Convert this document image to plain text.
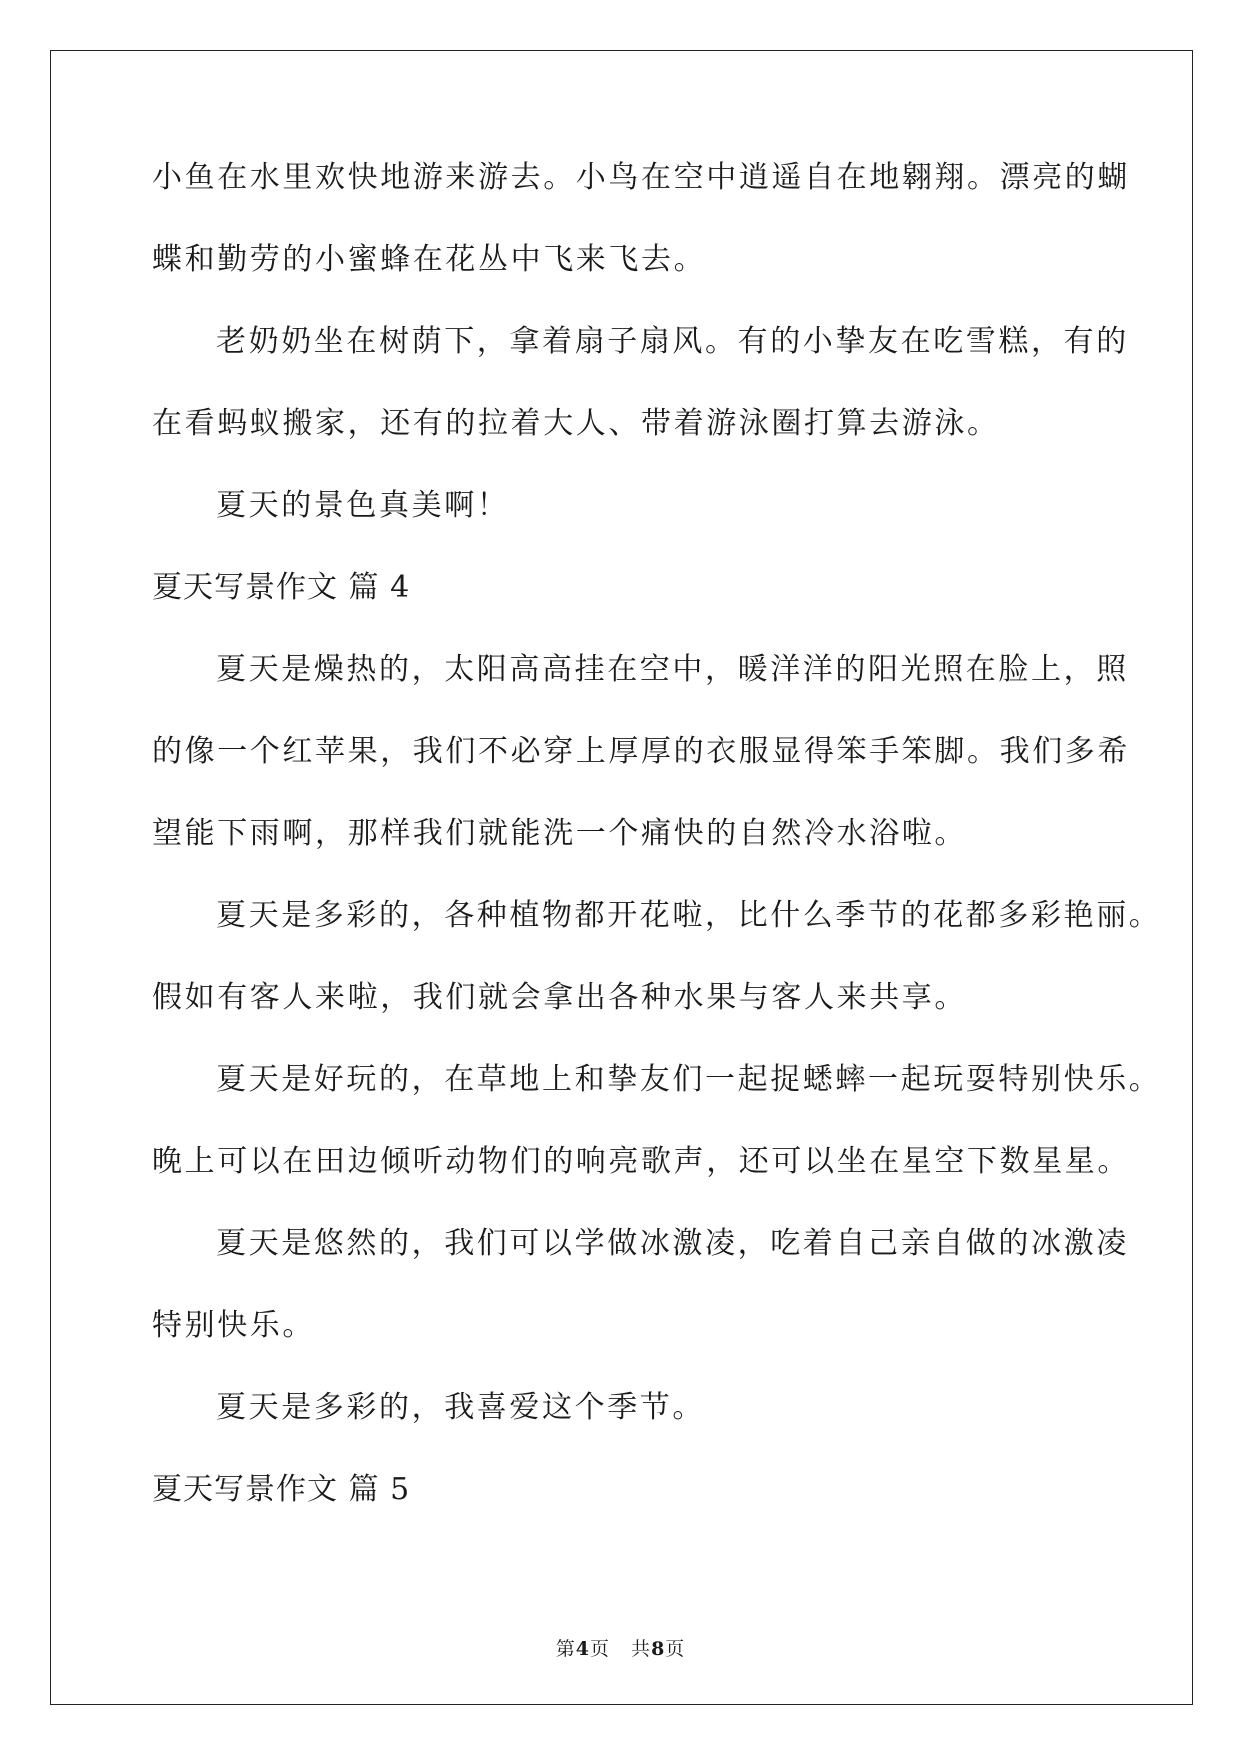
小鱼在水里欢快地游来游去。小鸟在空中逍遥自在地翱翔。漂亮的蝴
蝶和勤劳的小蜜蜂在花丛中飞来飞去。
老奶奶坐在树荫下，拿着扇子扇风。有的小挚友在吃雪糕，有的
在看蚂蚁搬家，还有的拉着大人、带着游泳圈打算去游泳。
夏天的景色真美啊！
夏天写景作文 篇 4
夏天是燥热的，太阳高高挂在空中，暖洋洋的阳光照在脸上，照
的像一个红苹果，我们不必穿上厚厚的衣服显得笨手笨脚。我们多希
望能下雨啊，那样我们就能洗一个痛快的自然冷水浴啦。
夏天是多彩的，各种植物都开花啦，比什么季节的花都多彩艳丽。
假如有客人来啦，我们就会拿出各种水果与客人来共享。
夏天是好玩的，在草地上和挚友们一起捉蟋蟀一起玩耍特别快乐。
晚上可以在田边倾听动物们的响亮歌声，还可以坐在星空下数星星。
夏天是悠然的，我们可以学做冰激凌，吃着自己亲自做的冰激凌
特别快乐。
夏天是多彩的，我喜爱这个季节。
夏天写景作文 篇 5
第4页   共8页
